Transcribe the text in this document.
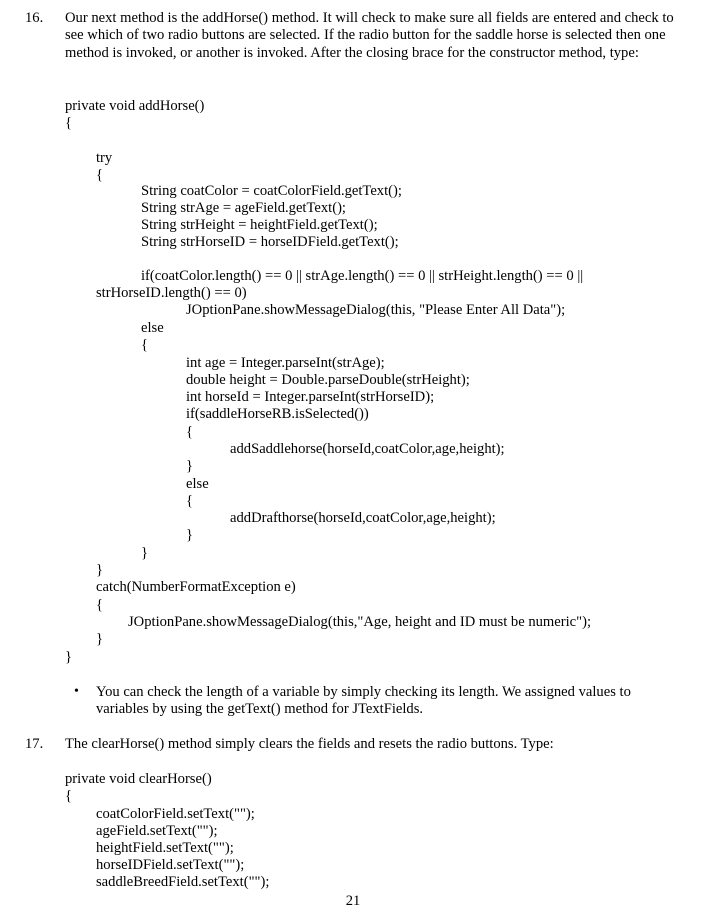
16. Our next method is the addHorse() method. It will check to make sure all fields are entered and check to see which of two radio buttons are selected. If the radio button for the saddle horse is selected then one method is invoked, or another is invoked. After the closing brace for the constructor method, type:
private void addHorse()
{
try
{
String coatColor = coatColorField.getText();
String strAge = ageField.getText();
String strHeight = heightField.getText();
String strHorseID = horseIDField.getText();
if(coatColor.length() == 0 || strAge.length() == 0 || strHeight.length() == 0 ||
strHorseID.length() == 0)
JOptionPane.showMessageDialog(this, "Please Enter All Data");
else
{
int age = Integer.parseInt(strAge);
double height = Double.parseDouble(strHeight);
int horseId = Integer.parseInt(strHorseID);
if(saddleHorseRB.isSelected())
{
addSaddlehorse(horseId,coatColor,age,height);
}
else
{
addDrafthorse(horseId,coatColor,age,height);
}
}
}
catch(NumberFormatException e)
{
JOptionPane.showMessageDialog(this,"Age, height and ID must be numeric");
}
}
• You can check the length of a variable by simply checking its length. We assigned values to variables by using the getText() method for JTextFields.
17. The clearHorse() method simply clears the fields and resets the radio buttons. Type:
private void clearHorse()
{
coatColorField.setText("");
ageField.setText("");
heightField.setText("");
horseIDField.setText("");
saddleBreedField.setText("");
21
